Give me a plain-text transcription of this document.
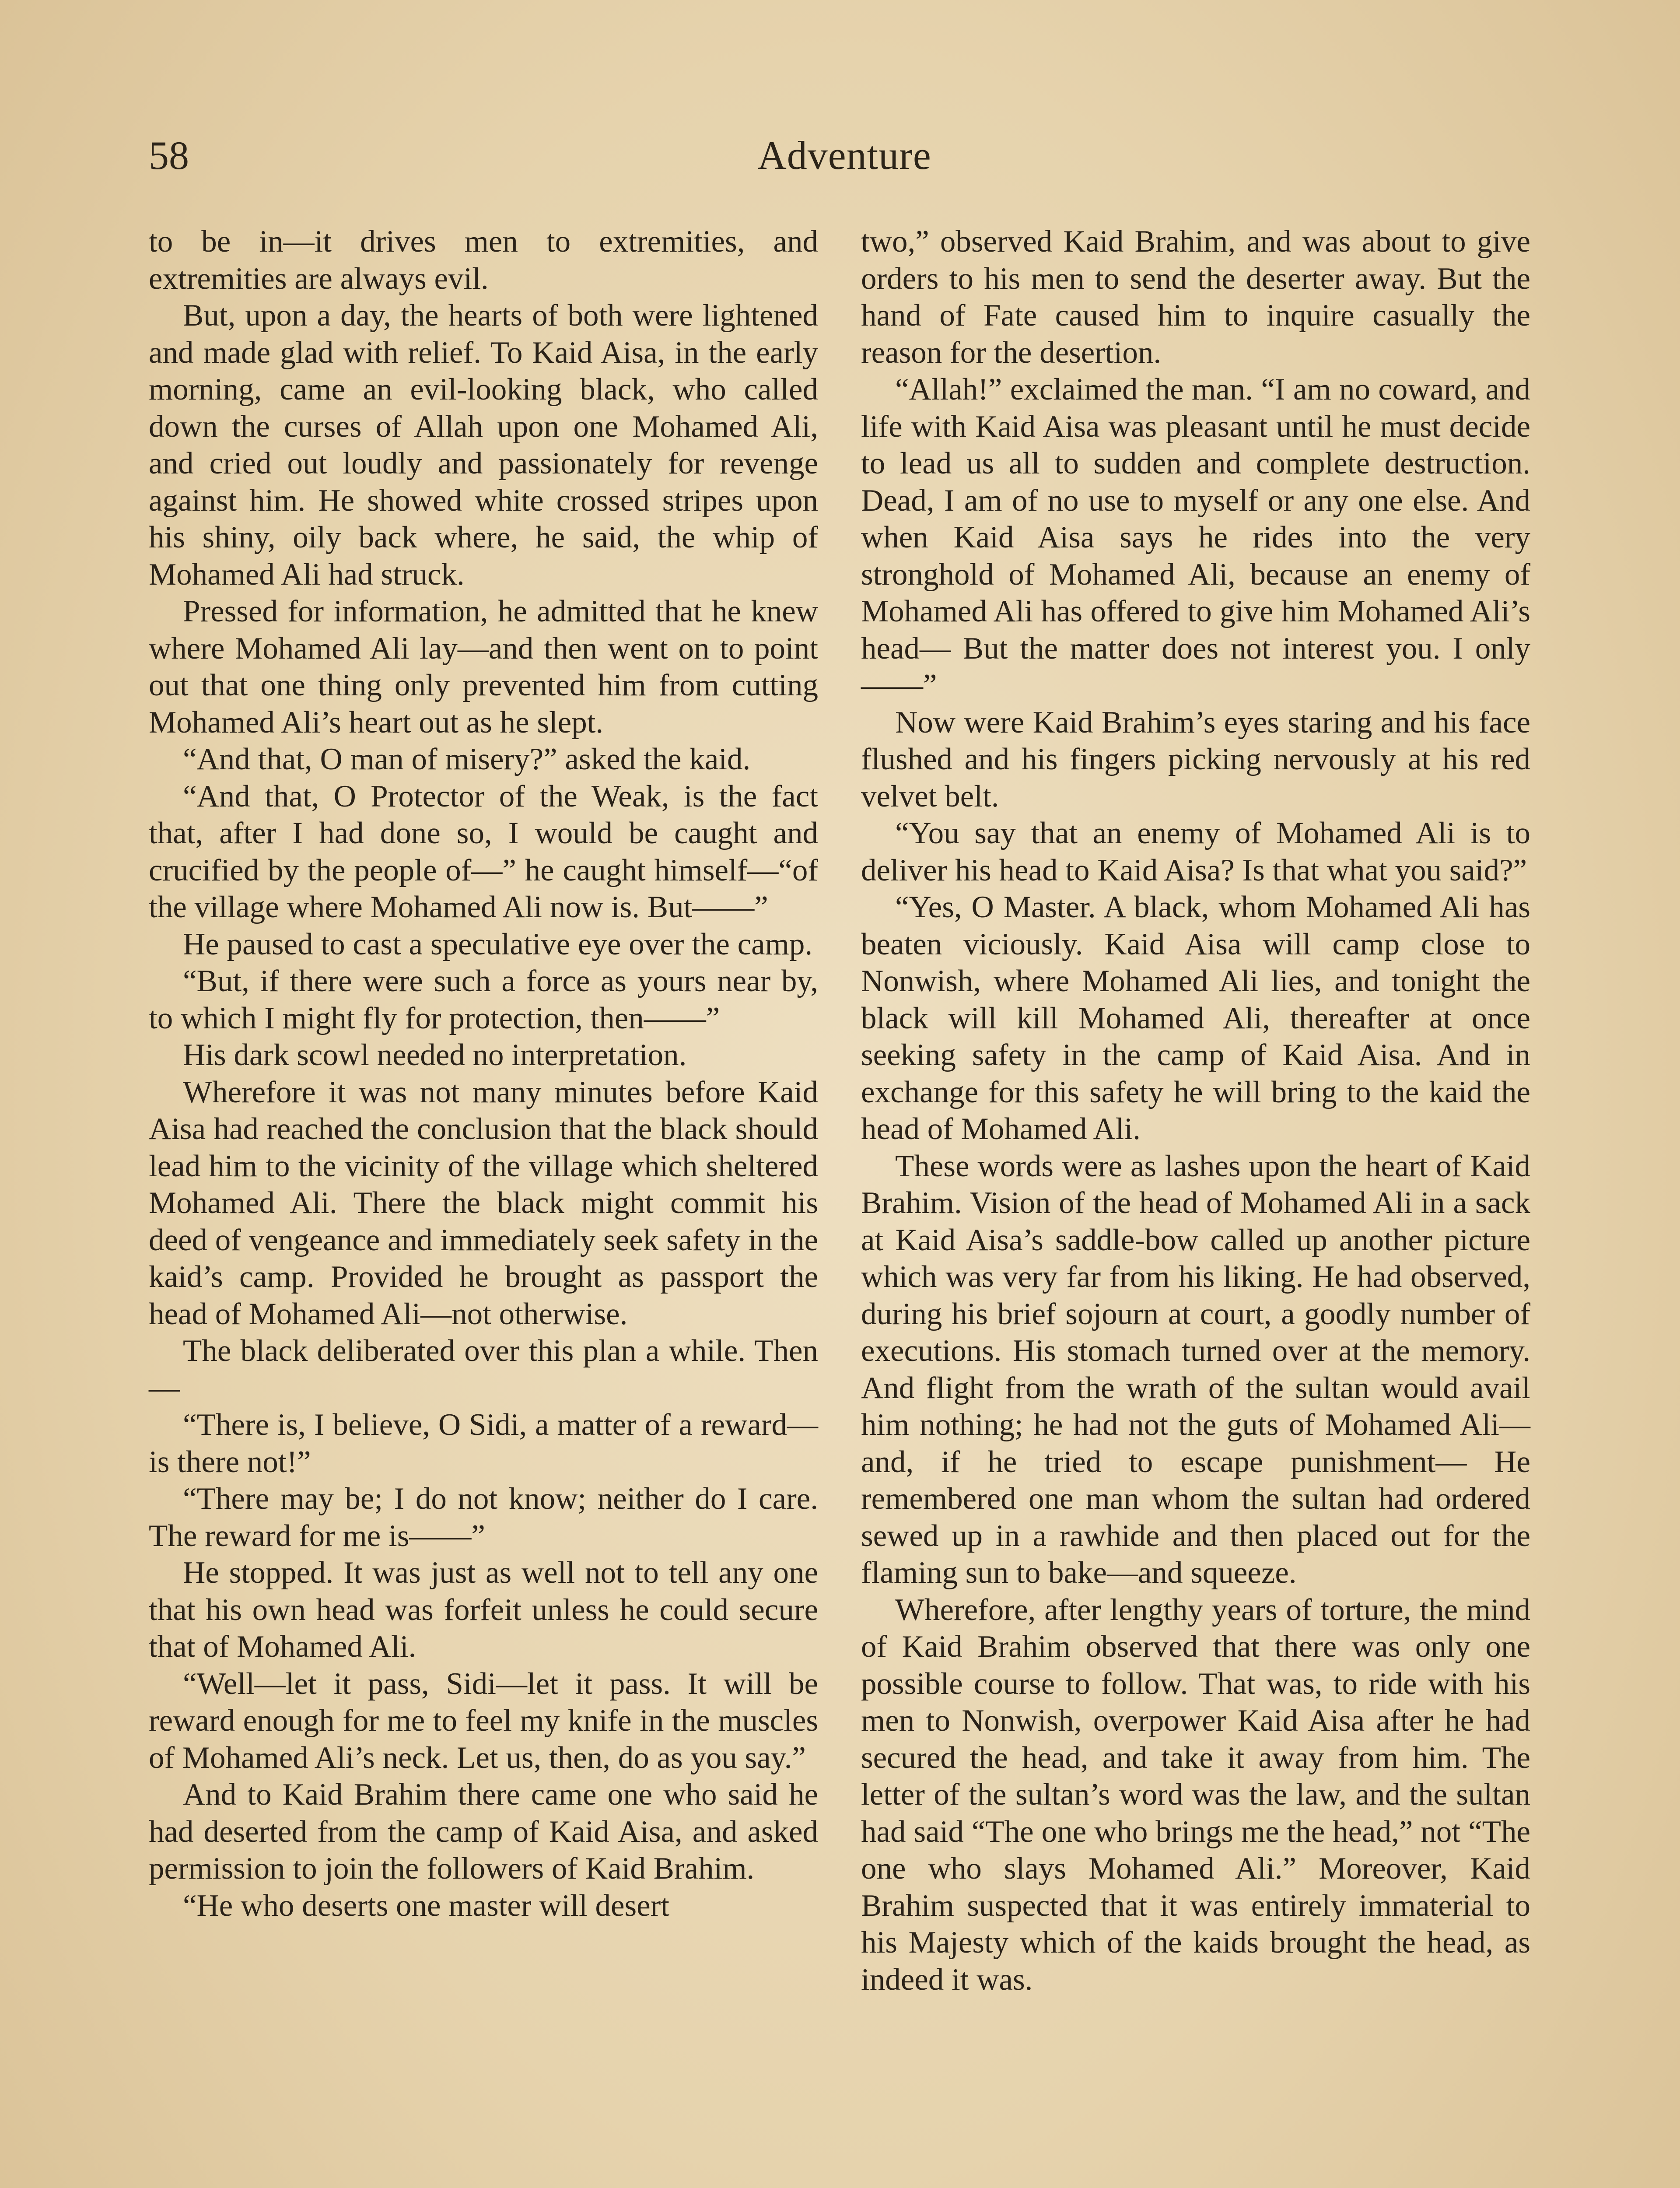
58	Adventure

to be in—it drives men to extremities, and extremities are always evil.

But, upon a day, the hearts of both were lightened and made glad with relief. To Kaid Aisa, in the early morning, came an evil-looking black, who called down the curses of Allah upon one Mohamed Ali, and cried out loudly and passionately for revenge against him. He showed white crossed stripes upon his shiny, oily back where, he said, the whip of Mohamed Ali had struck.

Pressed for information, he admitted that he knew where Mohamed Ali lay—and then went on to point out that one thing only prevented him from cutting Mohamed Ali’s heart out as he slept.

“And that, O man of misery?” asked the kaid.

“And that, O Protector of the Weak, is the fact that, after I had done so, I would be caught and crucified by the people of—” he caught himself—“of the village where Mohamed Ali now is. But——”

He paused to cast a speculative eye over the camp.

“But, if there were such a force as yours near by, to which I might fly for protection, then——”

His dark scowl needed no interpretation.

Wherefore it was not many minutes before Kaid Aisa had reached the conclusion that the black should lead him to the vicinity of the village which sheltered Mohamed Ali. There the black might commit his deed of vengeance and immediately seek safety in the kaid’s camp. Provided he brought as passport the head of Mohamed Ali—not otherwise.

The black deliberated over this plan a while. Then—

“There is, I believe, O Sidi, a matter of a reward—is there not!”

“There may be; I do not know; neither do I care. The reward for me is——”

He stopped. It was just as well not to tell any one that his own head was forfeit unless he could secure that of Mohamed Ali.

“Well—let it pass, Sidi—let it pass. It will be reward enough for me to feel my knife in the muscles of Mohamed Ali’s neck. Let us, then, do as you say.”

And to Kaid Brahim there came one who said he had deserted from the camp of Kaid Aisa, and asked permission to join the followers of Kaid Brahim.

“He who deserts one master will desert

two,” observed Kaid Brahim, and was about to give orders to his men to send the deserter away. But the hand of Fate caused him to inquire casually the reason for the desertion.

“Allah!” exclaimed the man. “I am no coward, and life with Kaid Aisa was pleasant until he must decide to lead us all to sudden and complete destruction. Dead, I am of no use to myself or any one else. And when Kaid Aisa says he rides into the very stronghold of Mohamed Ali, because an enemy of Mohamed Ali has offered to give him Mohamed Ali’s head— But the matter does not interest you. I only——”

Now were Kaid Brahim’s eyes staring and his face flushed and his fingers picking nervously at his red velvet belt.

“You say that an enemy of Mohamed Ali is to deliver his head to Kaid Aisa? Is that what you said?”

“Yes, O Master. A black, whom Mohamed Ali has beaten viciously. Kaid Aisa will camp close to Nonwish, where Mohamed Ali lies, and tonight the black will kill Mohamed Ali, thereafter at once seeking safety in the camp of Kaid Aisa. And in exchange for this safety he will bring to the kaid the head of Mohamed Ali.

These words were as lashes upon the heart of Kaid Brahim. Vision of the head of Mohamed Ali in a sack at Kaid Aisa’s saddle-bow called up another picture which was very far from his liking. He had observed, during his brief sojourn at court, a goodly number of executions. His stomach turned over at the memory. And flight from the wrath of the sultan would avail him nothing; he had not the guts of Mohamed Ali—and, if he tried to escape punishment— He remembered one man whom the sultan had ordered sewed up in a rawhide and then placed out for the flaming sun to bake—and squeeze.

Wherefore, after lengthy years of torture, the mind of Kaid Brahim observed that there was only one possible course to follow. That was, to ride with his men to Nonwish, overpower Kaid Aisa after he had secured the head, and take it away from him. The letter of the sultan’s word was the law, and the sultan had said “The one who brings me the head,” not “The one who slays Mohamed Ali.” Moreover, Kaid Brahim suspected that it was entirely immaterial to his Majesty which of the kaids brought the head, as indeed it was.
